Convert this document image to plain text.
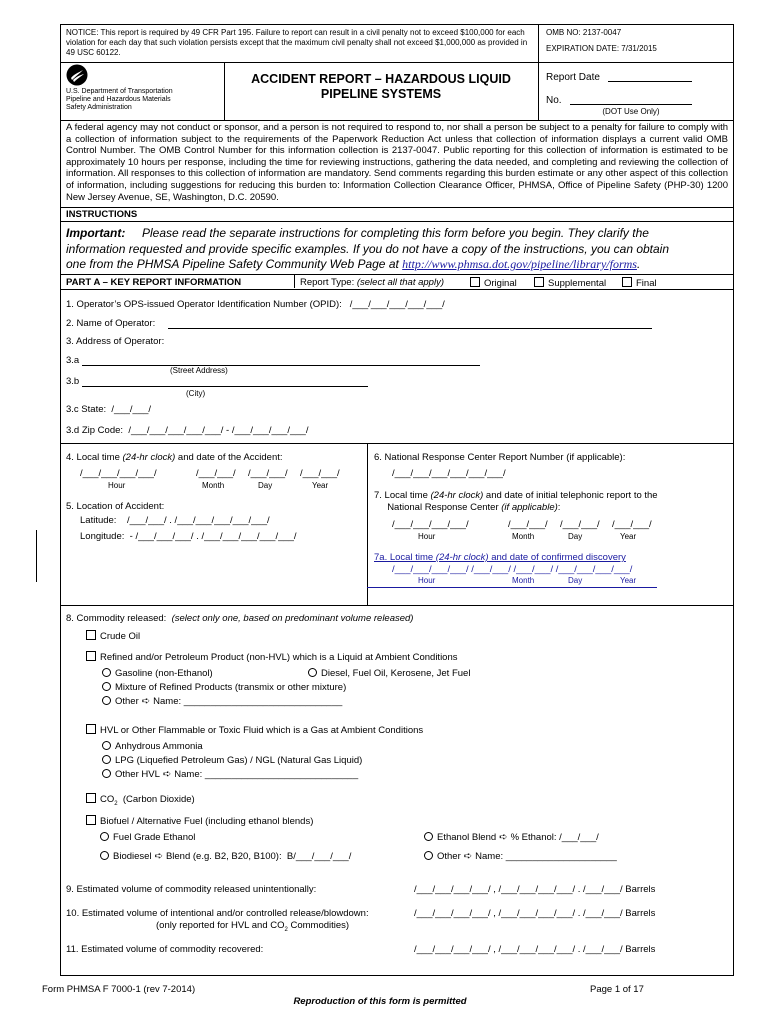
NOTICE: This report is required by 49 CFR Part 195. Failure to report can result in a civil penalty not to exceed $100,000 for each violation for each day that such violation persists except that the maximum civil penalty shall not exceed $1,000,000 as provided in 49 USC 60122.
OMB NO: 2137-0047
EXPIRATION DATE: 7/31/2015
U.S. Department of Transportation
Pipeline and Hazardous Materials
Safety Administration
ACCIDENT REPORT – HAZARDOUS LIQUID
PIPELINE SYSTEMS
Report Date
No.
(DOT Use Only)
A federal agency may not conduct or sponsor, and a person is not required to respond to, nor shall a person be subject to a penalty for failure to comply with a collection of information subject to the requirements of the Paperwork Reduction Act unless that collection of information displays a current valid OMB Control Number. The OMB Control Number for this information collection is 2137-0047. Public reporting for this collection of information is estimated to be approximately 10 hours per response, including the time for reviewing instructions, gathering the data needed, and completing and reviewing the collection of information. All responses to this collection of information are mandatory. Send comments regarding this burden estimate or any other aspect of this collection of information, including suggestions for reducing this burden to: Information Collection Clearance Officer, PHMSA, Office of Pipeline Safety (PHP-30) 1200 New Jersey Avenue, SE, Washington, D.C. 20590.
INSTRUCTIONS
Important: Please read the separate instructions for completing this form before you begin. They clarify the
information requested and provide specific examples. If you do not have a copy of the instructions, you can obtain
one from the PHMSA Pipeline Safety Community Web Page at http://www.phmsa.dot.gov/pipeline/library/forms.
PART A – KEY REPORT INFORMATION	Report Type: (select all that apply)	Original	Supplemental	Final
1. Operator’s OPS-issued Operator Identification Number (OPID): /___/___/___/___/___/
2. Name of Operator:
3. Address of Operator:
3.a
(Street Address)
3.b
(City)
3.c State: /___/___/
3.d Zip Code: /___/___/___/___/___/ - /___/___/___/___/
4. Local time (24-hr clock) and date of the Accident:
/___/___/___/___/	/___/___/ /___/___/ /___/___/
Hour	Month	Day	Year
5. Location of Accident:
Latitude: /___/___/ . /___/___/___/___/___/
Longitude: - /___/___/___/ . /___/___/___/___/___/
6. National Response Center Report Number (if applicable):
/___/___/___/___/___/___/
7. Local time (24-hr clock) and date of initial telephonic report to the
National Response Center (if applicable):
/___/___/___/___/	/___/___/ /___/___/ /___/___/
Hour	Month	Day	Year
7a. Local time (24-hr clock) and date of confirmed discovery
/___/___/___/___/ /___/___/ /___/___/ /___/___/___/___/
Hour	Month	Day	Year
8. Commodity released: (select only one, based on predominant volume released)
Crude Oil
Refined and/or Petroleum Product (non-HVL) which is a Liquid at Ambient Conditions
Gasoline (non-Ethanol)	Diesel, Fuel Oil, Kerosene, Jet Fuel
Mixture of Refined Products (transmix or other mixture)
Other ➪ Name: ______________________________
HVL or Other Flammable or Toxic Fluid which is a Gas at Ambient Conditions
Anhydrous Ammonia
LPG (Liquefied Petroleum Gas) / NGL (Natural Gas Liquid)
Other HVL ➪ Name: _____________________________
$CO_2$ (Carbon Dioxide)
Biofuel / Alternative Fuel (including ethanol blends)
Fuel Grade Ethanol	Ethanol Blend ➪ % Ethanol: /___/___/
Biodiesel ➪ Blend (e.g. B2, B20, B100): B/___/___/___/	Other ➪ Name: _____________________
9. Estimated volume of commodity released unintentionally:	/___/___/___/___/ , /___/___/___/___/ . /___/___/ Barrels
10. Estimated volume of intentional and/or controlled release/blowdown:
(only reported for HVL and $CO_2$ Commodities)
/___/___/___/___/ , /___/___/___/___/ . /___/___/ Barrels
11. Estimated volume of commodity recovered:	/___/___/___/___/ , /___/___/___/___/ . /___/___/ Barrels
Form PHMSA F 7000-1 (rev 7-2014)	Page 1 of 17
Reproduction of this form is permitted
